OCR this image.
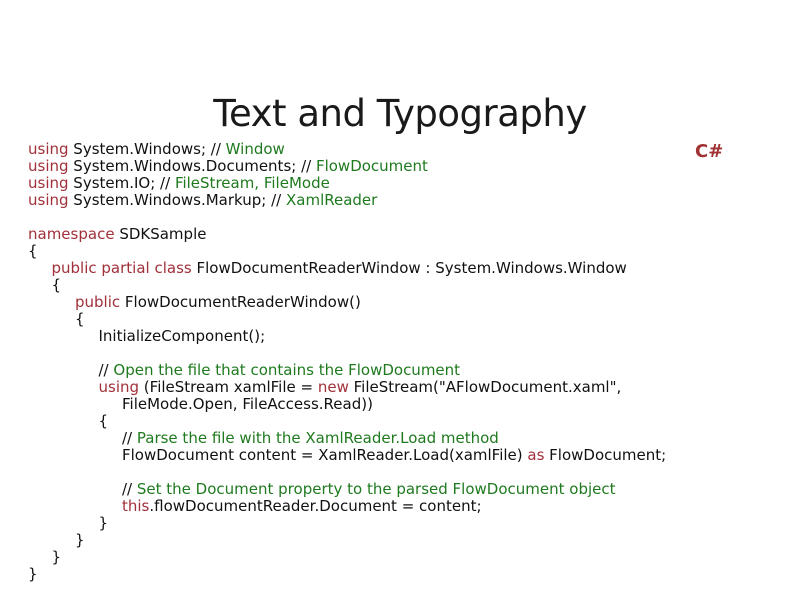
Text and Typography
C#
using System.Windows; // Window
using System.Windows.Documents; // FlowDocument
using System.IO; // FileStream, FileMode
using System.Windows.Markup; // XamlReader
namespace SDKSample
{
public partial class FlowDocumentReaderWindow : System.Windows.Window
{
public FlowDocumentReaderWindow()
{
InitializeComponent();
// Open the file that contains the FlowDocument
using (FileStream xamlFile = new FileStream("AFlowDocument.xaml",
FileMode.Open, FileAccess.Read))
{
// Parse the file with the XamlReader.Load method
FlowDocument content = XamlReader.Load(xamlFile) as FlowDocument;
// Set the Document property to the parsed FlowDocument object
this.flowDocumentReader.Document = content;
}
}
}
}
